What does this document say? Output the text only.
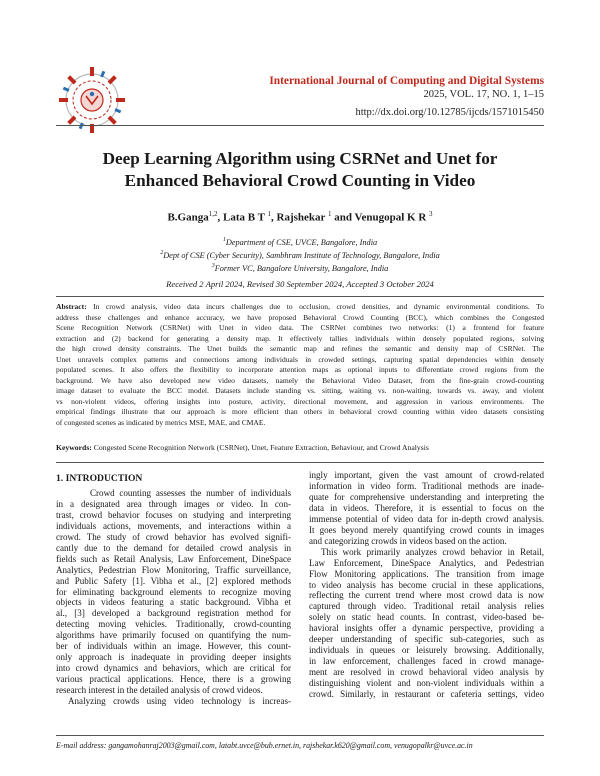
International Journal of Computing and Digital Systems
2025, VOL. 17, NO. 1, 1–15
http://dx.doi.org/10.12785/ijcds/1571015450
Deep Learning Algorithm using CSRNet and Unet for
Enhanced Behavioral Crowd Counting in Video
B.Ganga$^{1,2}$, Lata B T $^1$, Rajshekar $^1$ and Venugopal K R $^3$
$^1$Department of CSE, UVCE, Bangalore, India
$^2$Dept of CSE (Cyber Security), Sambhram Institute of Technology, Bangalore, India
$^3$Former VC, Bangalore University, Bangalore, India
Received 2 April 2024, Revised 30 September 2024, Accepted 3 October 2024
Abstract: In crowd analysis, video data incurs challenges due to occlusion, crowd densities, and dynamic environmental conditions. To
address these challenges and enhance accuracy, we have proposed Behavioral Crowd Counting (BCC), which combines the Congested
Scene Recognition Network (CSRNet) with Unet in video data. The CSRNet combines two networks: (1) a frontend for feature
extraction and (2) backend for generating a density map. It effectively tallies individuals within densely populated regions, solving
the high crowd density constraints. The Unet builds the semantic map and refines the semantic and density map of CSRNet. The
Unet unravels complex patterns and connections among individuals in crowded settings, capturing spatial dependencies within densely
populated scenes. It also offers the flexibility to incorporate attention maps as optional inputs to differentiate crowd regions from the
background. We have also developed new video datasets, namely the Behavioral Video Dataset, from the fine-grain crowd-counting
image dataset to evaluate the BCC model. Datasets include standing vs. sitting, waiting vs. non-waiting, towards vs. away, and violent
vs non-violent videos, offering insights into posture, activity, directional movement, and aggression in various environments. The
empirical findings illustrate that our approach is more efficient than others in behavioral crowd counting within video datasets consisting
of congested scenes as indicated by metrics MSE, MAE, and CMAE.
Keywords: Congested Scene Recognition Network (CSRNet), Unet, Feature Extraction, Behaviour, and Crowd Analysis
1. INTRODUCTION
Crowd counting assesses the number of individuals
in a designated area through images or video. In con-
trast, crowd behavior focuses on studying and interpreting
individuals actions, movements, and interactions within a
crowd. The study of crowd behavior has evolved signifi-
cantly due to the demand for detailed crowd analysis in
fields such as Retail Analysis, Law Enforcement, DineSpace
Analytics, Pedestrian Flow Monitoring, Traffic surveillance,
and Public Safety [1]. Vibha et al., [2] explored methods
for eliminating background elements to recognize moving
objects in videos featuring a static background. Vibha et
al., [3] developed a background registration method for
detecting moving vehicles. Traditionally, crowd-counting
algorithms have primarily focused on quantifying the num-
ber of individuals within an image. However, this count-
only approach is inadequate in providing deeper insights
into crowd dynamics and behaviors, which are critical for
various practical applications. Hence, there is a growing
research interest in the detailed analysis of crowd videos.
Analyzing crowds using video technology is increas-
ingly important, given the vast amount of crowd-related
information in video form. Traditional methods are inade-
quate for comprehensive understanding and interpreting the
data in videos. Therefore, it is essential to focus on the
immense potential of video data for in-depth crowd analysis.
It goes beyond merely quantifying crowd counts in images
and categorizing crowds in videos based on the action.
This work primarily analyzes crowd behavior in Retail,
Law Enforcement, DineSpace Analytics, and Pedestrian
Flow Monitoring applications. The transition from image
to video analysis has become crucial in these applications,
reflecting the current trend where most crowd data is now
captured through video. Traditional retail analysis relies
solely on static head counts. In contrast, video-based be-
havioral insights offer a dynamic perspective, providing a
deeper understanding of specific sub-categories, such as
individuals in queues or leisurely browsing. Additionally,
in law enforcement, challenges faced in crowd manage-
ment are resolved in crowd behavioral video analysis by
distinguishing violent and non-violent individuals within a
crowd. Similarly, in restaurant or cafeteria settings, video
E-mail address: gangamohanraj2003@gmail.com, latabt.uvce@bub.ernet.in, rajshekar.k620@gmail.com, venugopalkr@uvce.ac.in
